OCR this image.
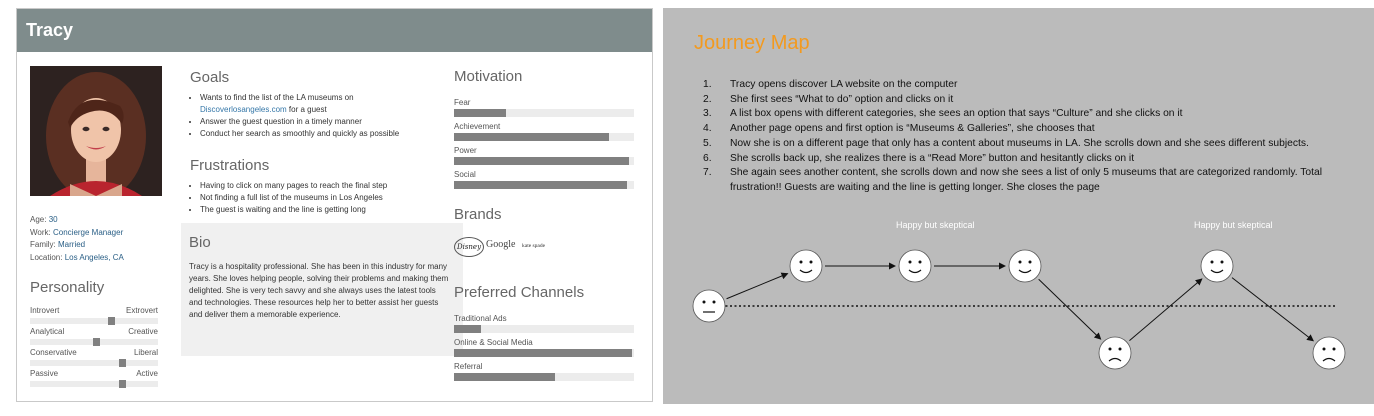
Tracy
Age: 30
Work: Concierge Manager
Family: Married
Location: Los Angeles, CA
Personality
Introvert	Extrovert
Analytical	Creative
Conservative	Liberal
Passive	Active
Goals
• Wants to find the list of the LA museums on
Discoverlosangeles.com for a guest
• Answer the guest question in a timely manner
• Conduct her search as smoothly and quickly as possible
Frustrations
• Having to click on many pages to reach the final step
• Not finding a full list of the museums in Los Angeles
• The guest is waiting and the line is getting long
Bio
Tracy is a hospitality professional. She has been in this industry for many years. She loves helping people, solving their problems and making them delighted. She is very tech savvy and she always uses the latest tools and technologies. These resources help her to better assist her guests and deliver them a memorable experience.
Motivation
Fear
Achievement
Power
Social
Brands
Disney Google kate spade
Preferred Channels
Traditional Ads
Online & Social Media
Referral
Journey Map
1. Tracy opens discover LA website on the computer
2. She first sees “What to do” option and clicks on it
3. A list box opens with different categories, she sees an option that says “Culture” and she clicks on it
4. Another page opens and first option is “Museums & Galleries”, she chooses that
5. Now she is on a different page that only has a content about museums in LA. She scrolls down and she sees different subjects.
6. She scrolls back up, she realizes there is a “Read More” button and hesitantly clicks on it
7. She again sees another content, she scrolls down and now she sees a list of only 5 museums that are categorized randomly. Total frustration!! Guests are waiting and the line is getting longer. She closes the page
Happy but skeptical	Happy but skeptical
